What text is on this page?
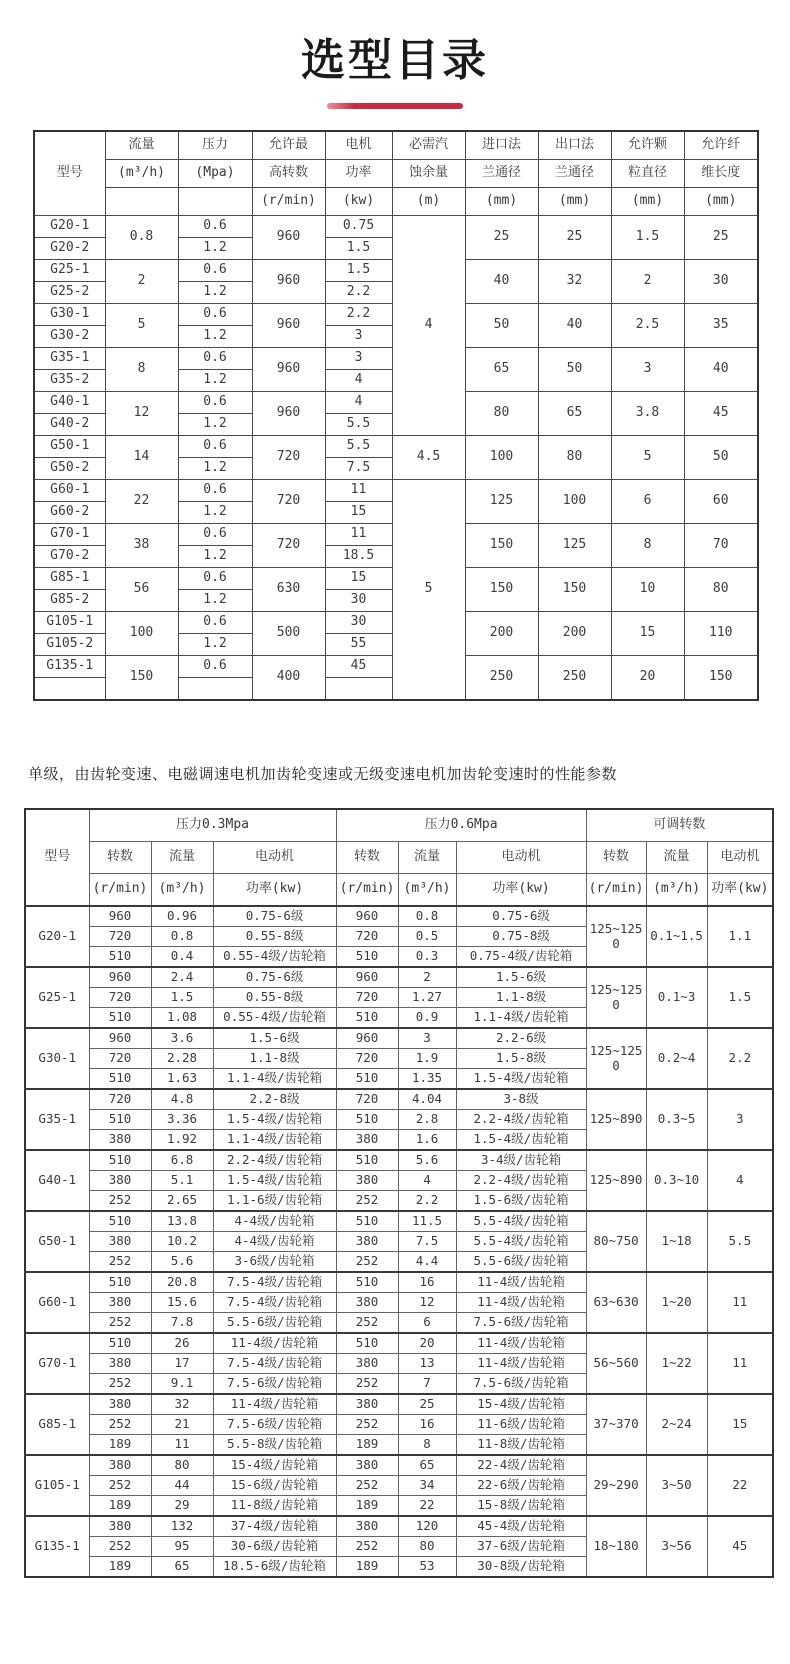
选型目录
型号	流量	压力	允许最	电机	必需汽	进口法	出口法	允许颗	允许纤
	(m³/h)	(Mpa)	高转数	功率	蚀余量	兰通径	兰通径	粒直径	维长度
			(r/min)	(kw)	(m)	(mm)	(mm)	(mm)	(mm)
G20-1	0.8	0.6	960	0.75	4	25	25	1.5	25
G20-2		1.2		1.5					
G25-1	2	0.6	960	1.5		40	32	2	30
G25-2		1.2		2.2					
G30-1	5	0.6	960	2.2		50	40	2.5	35
G30-2		1.2		3					
G35-1	8	0.6	960	3		65	50	3	40
G35-2		1.2		4					
G40-1	12	0.6	960	4		80	65	3.8	45
G40-2		1.2		5.5					
G50-1	14	0.6	720	5.5	4.5	100	80	5	50
G50-2		1.2		7.5					
G60-1	22	0.6	720	11	5	125	100	6	60
G60-2		1.2		15					
G70-1	38	0.6	720	11		150	125	8	70
G70-2		1.2		18.5					
G85-1	56	0.6	630	15		150	150	10	80
G85-2		1.2		30					
G105-1	100	0.6	500	30		200	200	15	110
G105-2		1.2		55					
G135-1	150	0.6	400	45		250	250	20	150

单级，由齿轮变速、电磁调速电机加齿轮变速或无级变速电机加齿轮变速时的性能参数

型号	压力0.3Mpa			压力0.6Mpa			可调转数		
	转数	流量	电动机	转数	流量	电动机	转数	流量	电动机
	(r/min)	(m³/h)	功率(kw)	(r/min)	(m³/h)	功率(kw)	(r/min)	(m³/h)	功率(kw)
G20-1	960	0.96	0.75-6级	960	0.8	0.75-6级	125~1250	0.1~1.5	1.1
	720	0.8	0.55-8级	720	0.5	0.75-8级			
	510	0.4	0.55-4级/齿轮箱	510	0.3	0.75-4级/齿轮箱			
G25-1	960	2.4	0.75-6级	960	2	1.5-6级	125~1250	0.1~3	1.5
	720	1.5	0.55-8级	720	1.27	1.1-8级			
	510	1.08	0.55-4级/齿轮箱	510	0.9	1.1-4级/齿轮箱			
G30-1	960	3.6	1.5-6级	960	3	2.2-6级	125~1250	0.2~4	2.2
	720	2.28	1.1-8级	720	1.9	1.5-8级			
	510	1.63	1.1-4级/齿轮箱	510	1.35	1.5-4级/齿轮箱			
G35-1	720	4.8	2.2-8级	720	4.04	3-8级	125~890	0.3~5	3
	510	3.36	1.5-4级/齿轮箱	510	2.8	2.2-4级/齿轮箱			
	380	1.92	1.1-4级/齿轮箱	380	1.6	1.5-4级/齿轮箱			
G40-1	510	6.8	2.2-4级/齿轮箱	510	5.6	3-4级/齿轮箱	125~890	0.3~10	4
	380	5.1	1.5-4级/齿轮箱	380	4	2.2-4级/齿轮箱			
	252	2.65	1.1-6级/齿轮箱	252	2.2	1.5-6级/齿轮箱			
G50-1	510	13.8	4-4级/齿轮箱	510	11.5	5.5-4级/齿轮箱	80~750	1~18	5.5
	380	10.2	4-4级/齿轮箱	380	7.5	5.5-4级/齿轮箱			
	252	5.6	3-6级/齿轮箱	252	4.4	5.5-6级/齿轮箱			
G60-1	510	20.8	7.5-4级/齿轮箱	510	16	11-4级/齿轮箱	63~630	1~20	11
	380	15.6	7.5-4级/齿轮箱	380	12	11-4级/齿轮箱			
	252	7.8	5.5-6级/齿轮箱	252	6	7.5-6级/齿轮箱			
G70-1	510	26	11-4级/齿轮箱	510	20	11-4级/齿轮箱	56~560	1~22	11
	380	17	7.5-4级/齿轮箱	380	13	11-4级/齿轮箱			
	252	9.1	7.5-6级/齿轮箱	252	7	7.5-6级/齿轮箱			
G85-1	380	32	11-4级/齿轮箱	380	25	15-4级/齿轮箱	37~370	2~24	15
	252	21	7.5-6级/齿轮箱	252	16	11-6级/齿轮箱			
	189	11	5.5-8级/齿轮箱	189	8	11-8级/齿轮箱			
G105-1	380	80	15-4级/齿轮箱	380	65	22-4级/齿轮箱	29~290	3~50	22
	252	44	15-6级/齿轮箱	252	34	22-6级/齿轮箱			
	189	29	11-8级/齿轮箱	189	22	15-8级/齿轮箱			
G135-1	380	132	37-4级/齿轮箱	380	120	45-4级/齿轮箱	18~180	3~56	45
	252	95	30-6级/齿轮箱	252	80	37-6级/齿轮箱			
	189	65	18.5-6级/齿轮箱	189	53	30-8级/齿轮箱			
